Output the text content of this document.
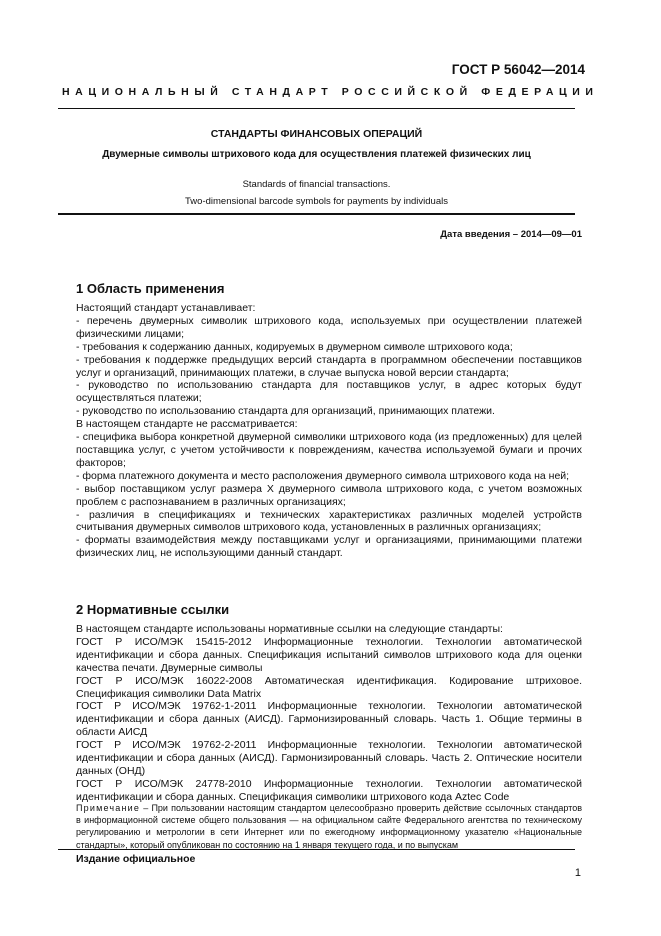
ГОСТ Р 56042—2014
НАЦИОНАЛЬНЫЙ СТАНДАРТ РОССИЙСКОЙ ФЕДЕРАЦИИ
СТАНДАРТЫ ФИНАНСОВЫХ ОПЕРАЦИЙ
Двумерные символы штрихового кода для осуществления платежей физических лиц
Standards of financial transactions.
Two-dimensional barcode symbols for payments by individuals
Дата введения – 2014—09—01
1 Область применения

Настоящий стандарт устанавливает:

- перечень двумерных символик штрихового кода, используемых при осуществлении платежей физическими лицами;

- требования к содержанию данных, кодируемых в двумерном символе штрихового кода;

- требования к поддержке предыдущих версий стандарта в программном обеспечении поставщиков услуг и организаций, принимающих платежи, в случае выпуска новой версии стандарта;

- руководство по использованию стандарта для поставщиков услуг, в адрес которых будут осуществляться платежи;

- руководство по использованию стандарта для организаций, принимающих платежи.

В настоящем стандарте не рассматривается:

- специфика выбора конкретной двумерной символики штрихового кода (из предложенных) для целей поставщика услуг, с учетом устойчивости к повреждениям, качества используемой бумаги и прочих факторов;

- форма платежного документа и место расположения двумерного символа штрихового кода на ней;

- выбор поставщиком услуг размера X двумерного символа штрихового кода, с учетом возможных проблем с распознаванием в различных организациях;

- различия в спецификациях и технических характеристиках различных моделей устройств считывания двумерных символов штрихового кода, установленных в различных организациях;

- форматы взаимодействия между поставщиками услуг и организациями, принимающими платежи физических лиц, не использующими данный стандарт.

2 Нормативные ссылки

В настоящем стандарте использованы нормативные ссылки на следующие стандарты:

ГОСТ Р ИСО/МЭК 15415-2012 Информационные технологии. Технологии автоматической идентификации и сбора данных. Спецификация испытаний символов штрихового кода для оценки качества печати. Двумерные символы

ГОСТ Р ИСО/МЭК 16022-2008 Автоматическая идентификация. Кодирование штриховое. Спецификация символики Data Matrix

ГОСТ Р ИСО/МЭК 19762-1-2011 Информационные технологии. Технологии автоматической идентификации и сбора данных (АИСД). Гармонизированный словарь. Часть 1. Общие термины в области АИСД

ГОСТ Р ИСО/МЭК 19762-2-2011 Информационные технологии. Технологии автоматической идентификации и сбора данных (АИСД). Гармонизированный словарь. Часть 2. Оптические носители данных (ОНД)

ГОСТ Р ИСО/МЭК 24778-2010 Информационные технологии. Технологии автоматической идентификации и сбора данных. Спецификация символики штрихового кода Aztec Code

Примечание – При пользовании настоящим стандартом целесообразно проверить действие ссылочных стандартов в информационной системе общего пользования — на официальном сайте Федерального агентства по техническому регулированию и метрологии в сети Интернет или по ежегодному информационному указателю «Национальные стандарты», который опубликован по состоянию на 1 января текущего года, и по выпускам
Издание официальное
1
